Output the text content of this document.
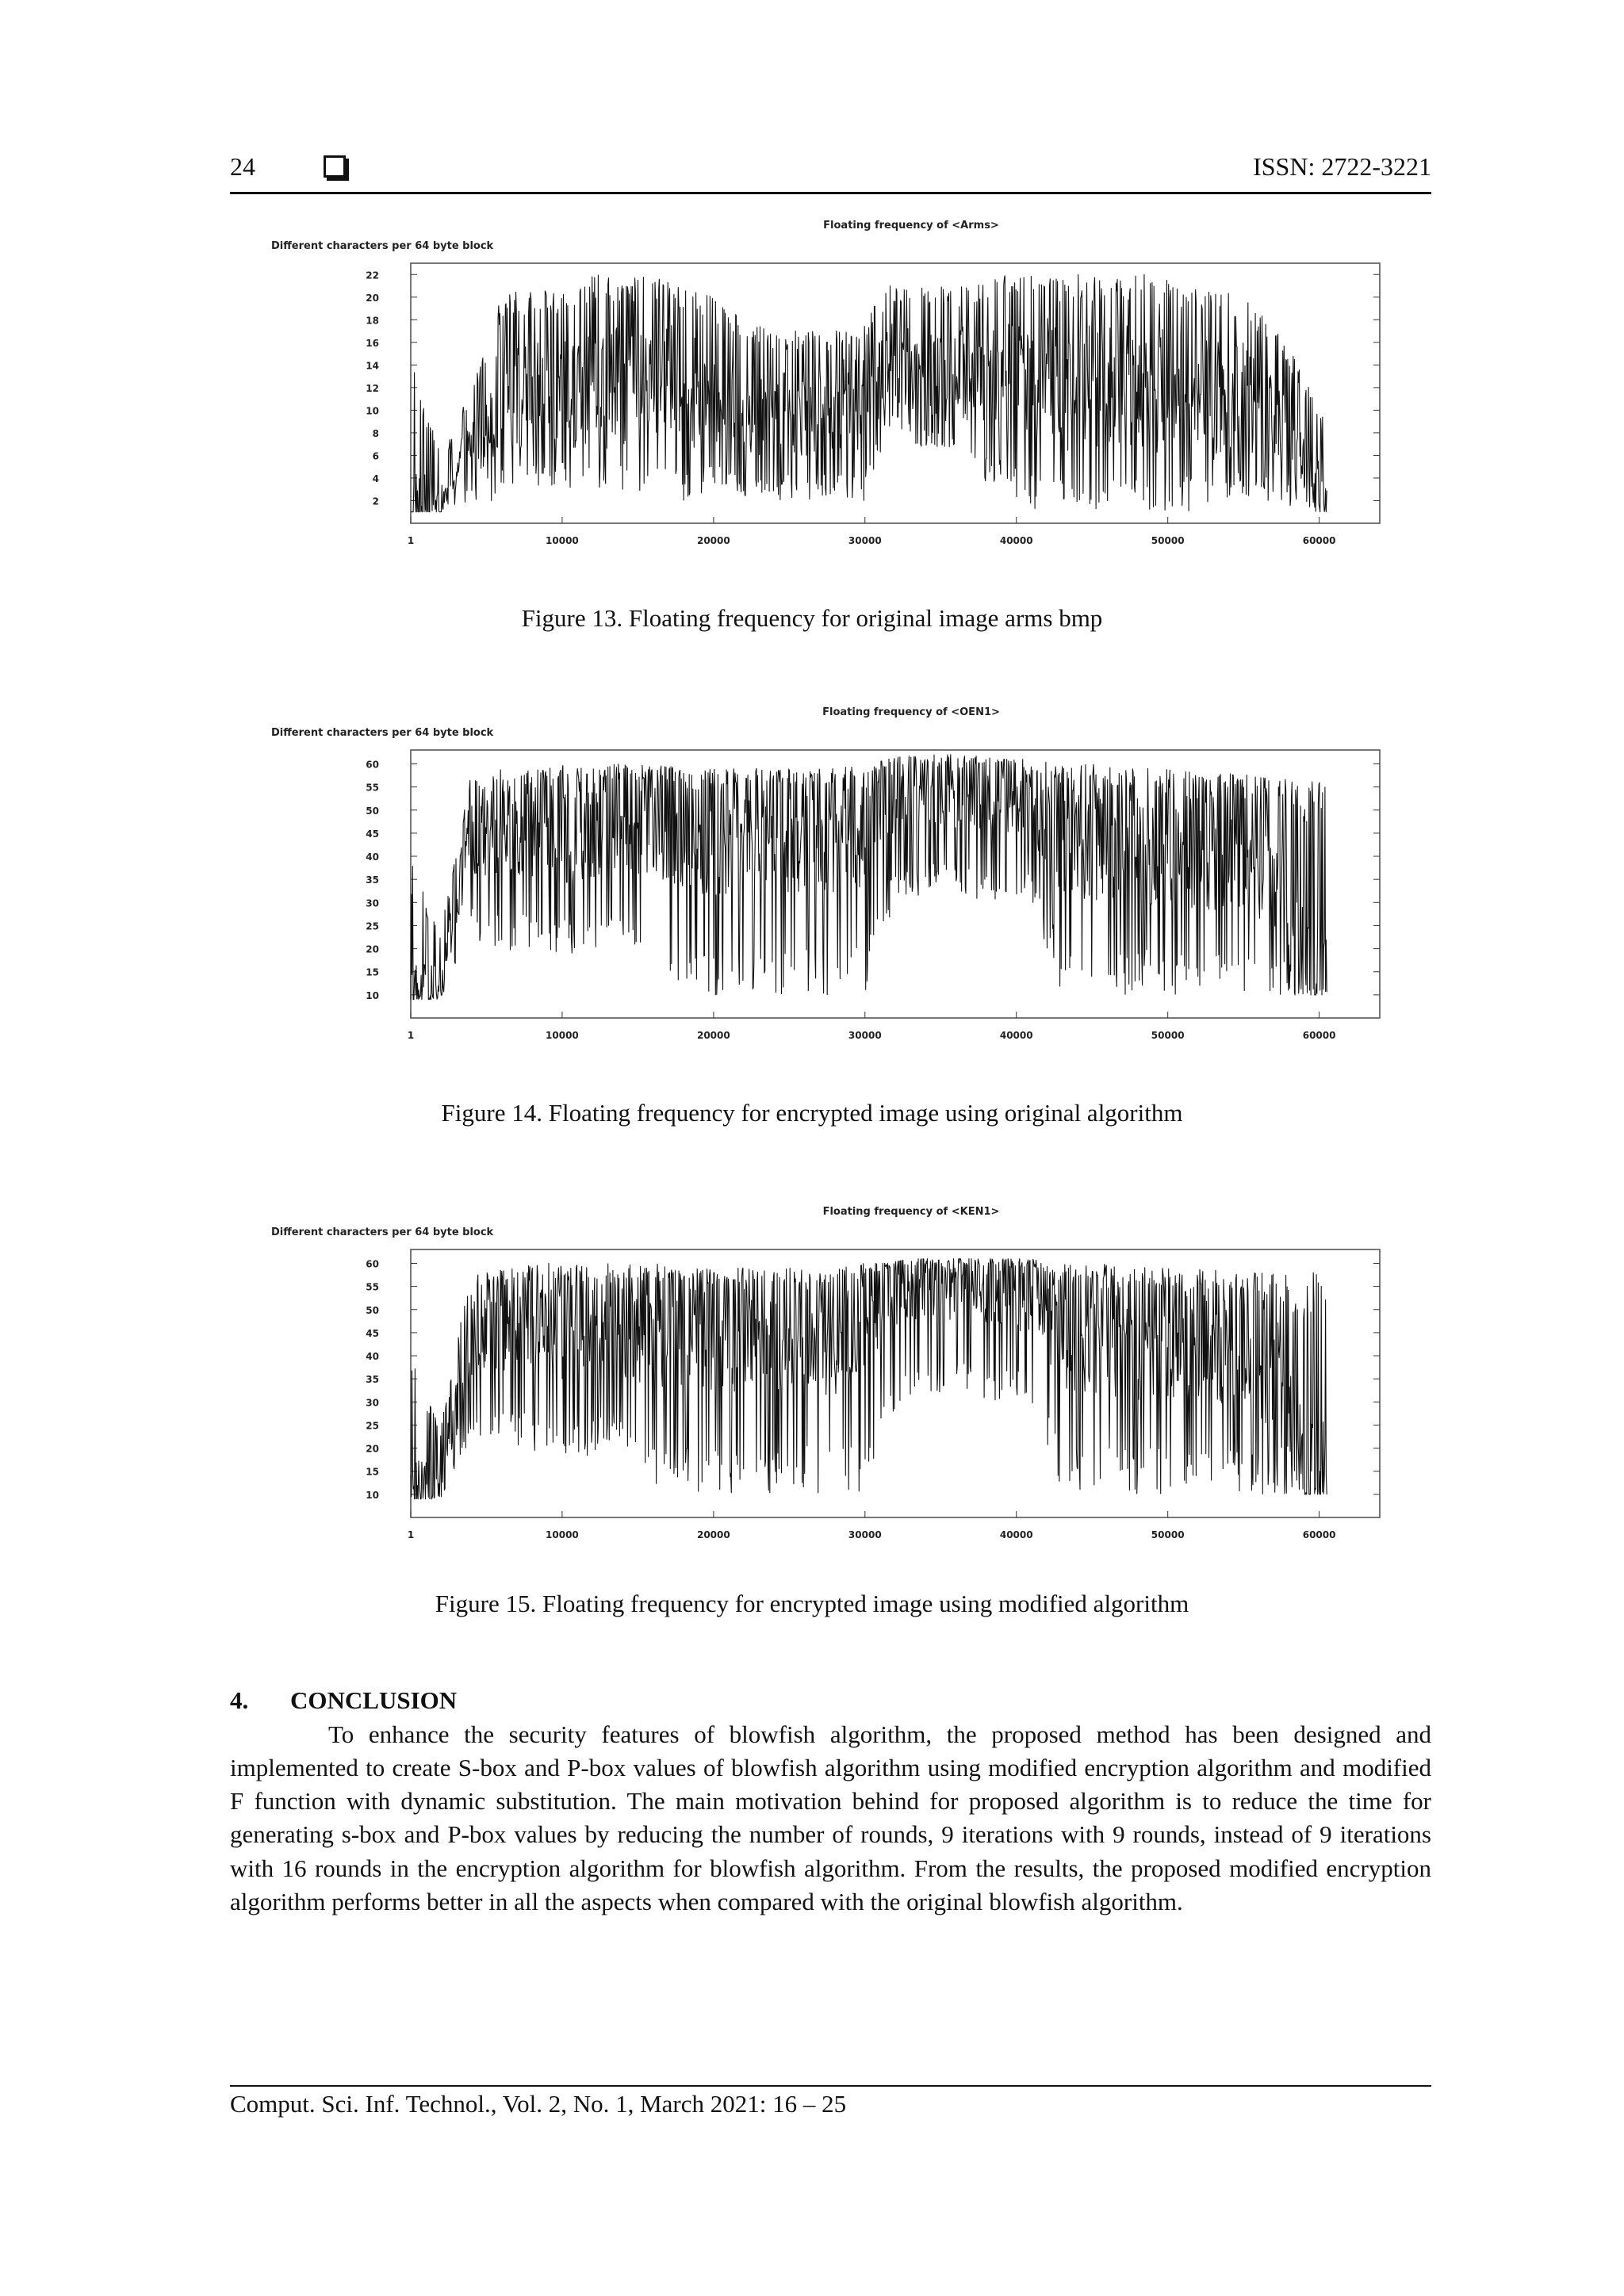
24	ISSN: 2722-3221
Floating frequency of <Arms>
Different characters per 64 byte block
2
4
6
8
10
12
14
16
18
20
22
1	10000	20000	30000	40000	50000	60000
Figure 13. Floating frequency for original image arms bmp
Floating frequency of <OEN1>
Different characters per 64 byte block
10
15
20
25
30
35
40
45
50
55
60
1	10000	20000	30000	40000	50000	60000
Figure 14. Floating frequency for encrypted image using original algorithm
Floating frequency of <KEN1>
Different characters per 64 byte block
10
15
20
25
30
35
40
45
50
55
60
1	10000	20000	30000	40000	50000	60000
Figure 15. Floating frequency for encrypted image using modified algorithm
4. CONCLUSION

To enhance the security features of blowfish algorithm, the proposed method has been designed and implemented to create S-box and P-box values of blowfish algorithm using modified encryption algorithm and modified F function with dynamic substitution. The main motivation behind for proposed algorithm is to reduce the time for generating s-box and P-box values by reducing the number of rounds, 9 iterations with 9 rounds, instead of 9 iterations with 16 rounds in the encryption algorithm for blowfish algorithm. From the results, the proposed modified encryption algorithm performs better in all the aspects when compared with the original blowfish algorithm.

Comput. Sci. Inf. Technol., Vol. 2, No. 1, March 2021: 16 – 25
